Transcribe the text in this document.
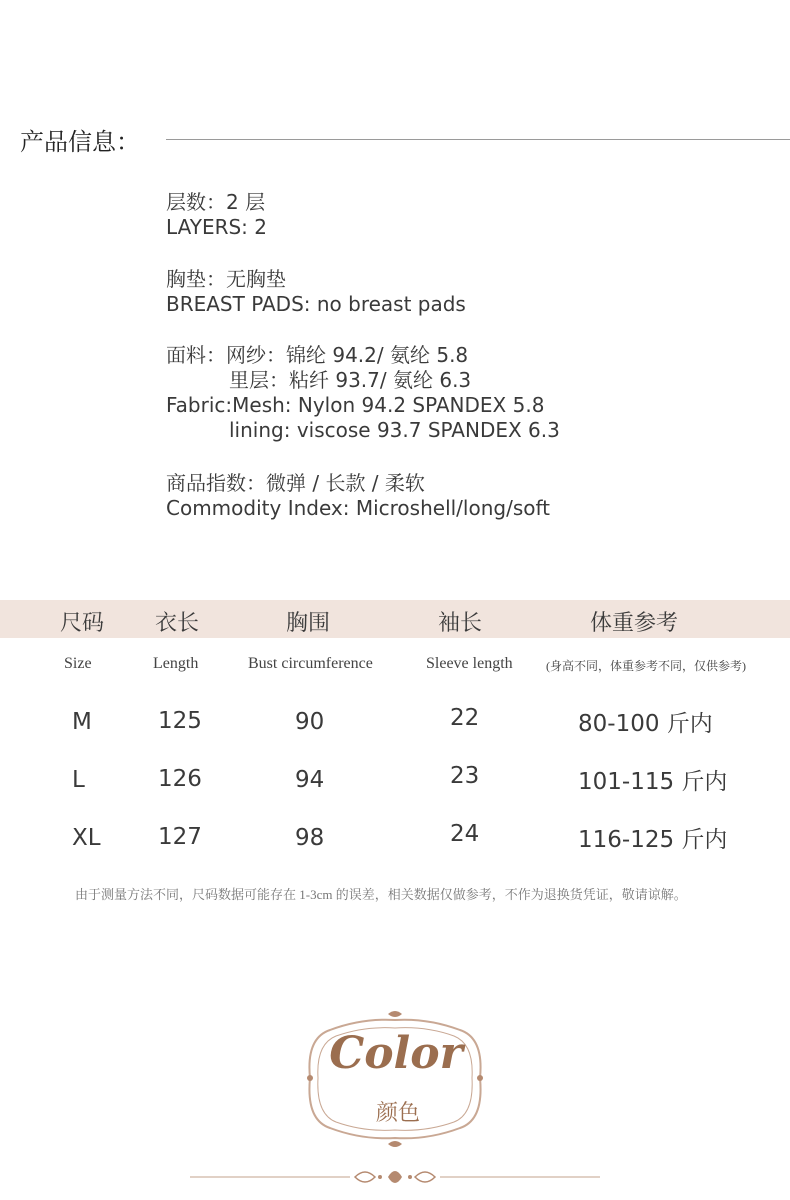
产品信息：
层数：2 层
LAYERS: 2
胸垫：无胸垫
BREAST PADS: no breast pads
面料：网纱：锦纶 94.2/ 氨纶 5.8
里层：粘纤 93.7/ 氨纶 6.3
Fabric:Mesh: Nylon 94.2 SPANDEX 5.8
lining: viscose 93.7 SPANDEX 6.3
商品指数：微弹 / 长款 / 柔软
Commodity Index: Microshell/long/soft
尺码 衣长	胸围	袖长	体重参考
Size	Length	Bust circumference	Sleeve length	(身高不同，体重参考不同，仅供参考)
M	125	90	22	80-100 斤内
L	126	94	23	101-115 斤内
XL 127	98	24	116-125 斤内
由于测量方法不同，尺码数据可能存在 1-3cm 的误差，相关数据仅做参考，不作为退换货凭证，敬请谅解。
Color
颜色
